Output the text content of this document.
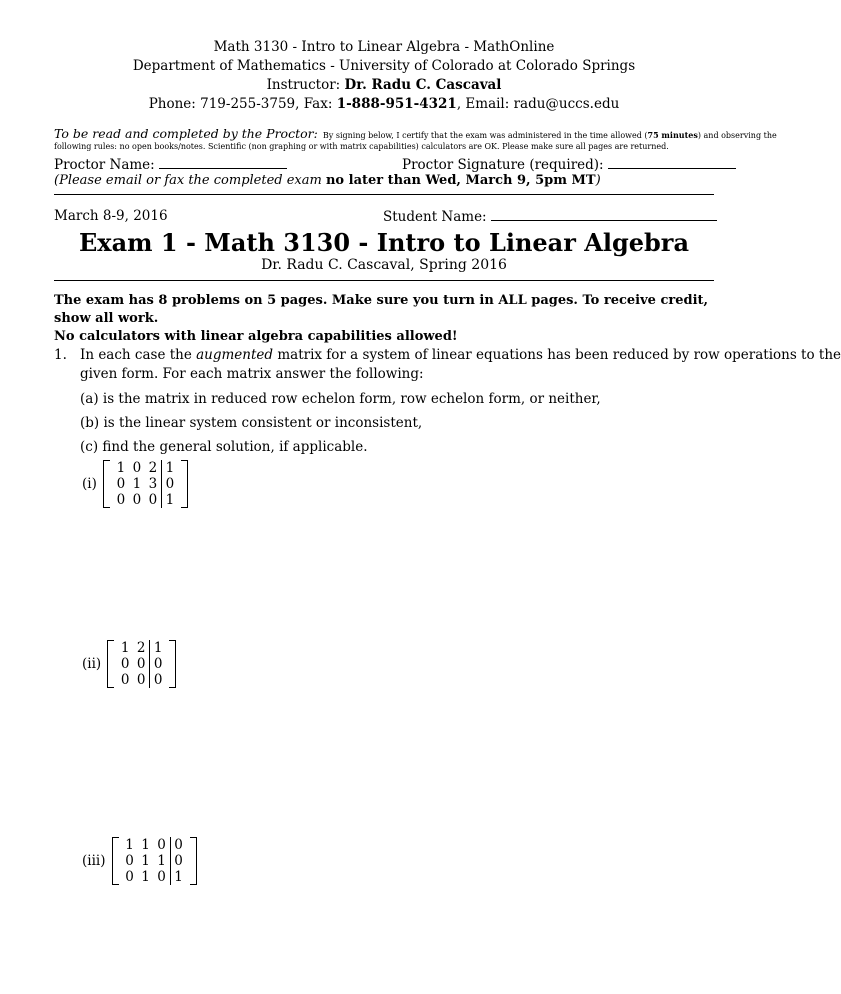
Math 3130 - Intro to Linear Algebra - MathOnline
Department of Mathematics - University of Colorado at Colorado Springs
Instructor: Dr. Radu C. Cascaval
Phone: 719-255-3759, Fax: 1-888-951-4321, Email: radu@uccs.edu
To be read and completed by the Proctor: By signing below, I certify that the exam was administered in the time allowed (75 minutes) and observing the
following rules: no open books/notes. Scientific (non graphing or with matrix capabilities) calculators are OK. Please make sure all pages are returned.
Proctor Name:	Proctor Signature (required):
(Please email or fax the completed exam no later than Wed, March 9, 5pm MT)
March 8-9, 2016	Student Name:
Exam 1 - Math 3130 - Intro to Linear Algebra
Dr. Radu C. Cascaval, Spring 2016
The exam has 8 problems on 5 pages. Make sure you turn in ALL pages. To receive credit, show all work.
No calculators with linear algebra capabilities allowed!
1. In each case the augmented matrix for a system of linear equations has been reduced by row operations to the
given form. For each matrix answer the following:
(a) is the matrix in reduced row echelon form, row echelon form, or neither,
(b) is the linear system consistent or inconsistent,
(c) find the general solution, if applicable.
(i)
1 0 2 1
0 1 3 0
0 0 0 1
(ii)
1 2 1
0 0 0
0 0 0
(iii)
1 1 0 0
0 1 1 0
0 1 0 1
